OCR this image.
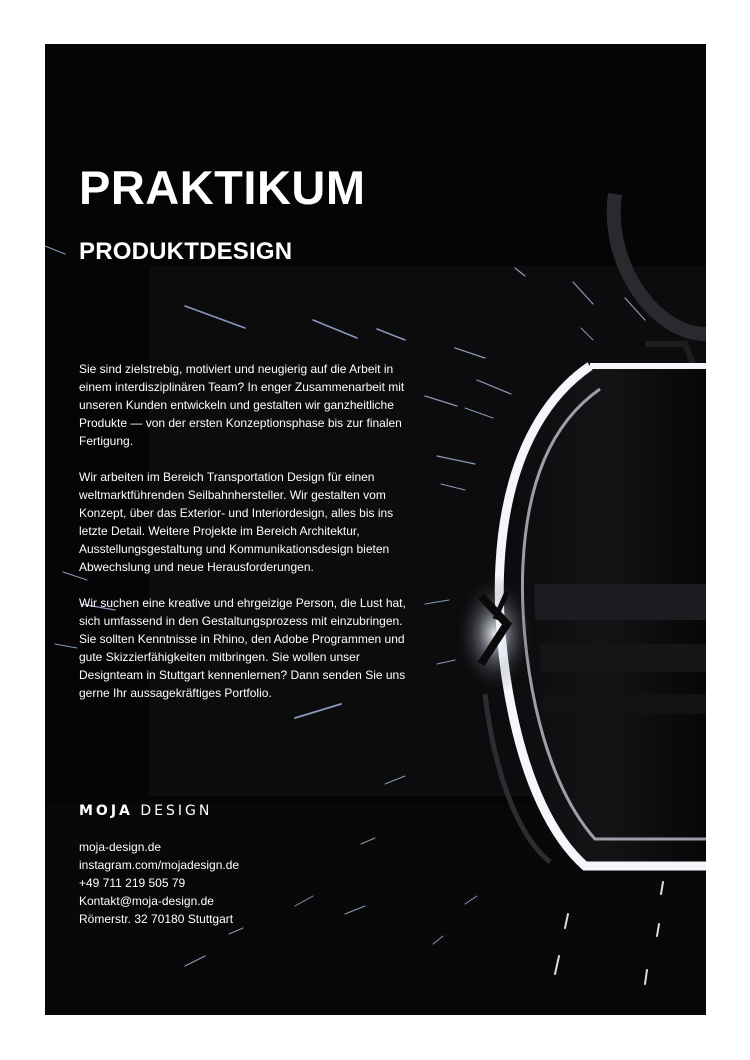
PRAKTIKUM
PRODUKTDESIGN

Sie sind zielstrebig, motiviert und neugierig auf die Arbeit in einem interdisziplinären Team? In enger Zusammenarbeit mit unseren Kunden entwickeln und gestalten wir ganzheitliche Produkte — von der ersten Konzeptionsphase bis zur finalen Fertigung.

Wir arbeiten im Bereich Transportation Design für einen weltmarktführenden Seilbahnhersteller. Wir gestalten vom Konzept, über das Exterior- und Interiordesign, alles bis ins letzte Detail. Weitere Projekte im Bereich Architektur, Ausstellungsgestaltung und Kommunikationsdesign bieten Abwechslung und neue Herausforderungen.

Wir suchen eine kreative und ehrgeizige Person, die Lust hat, sich umfassend in den Gestaltungsprozess mit einzubringen. Sie sollten Kenntnisse in Rhino, den Adobe Programmen und gute Skizzierfähigkeiten mitbringen. Sie wollen unser Designteam in Stuttgart kennenlernen? Dann senden Sie uns gerne Ihr aussagekräftiges Portfolio.

MOJA DESIGN
moja-design.de
instagram.com/mojadesign.de
+49 711 219 505 79
Kontakt@moja-design.de
Römerstr. 32 70180 Stuttgart
